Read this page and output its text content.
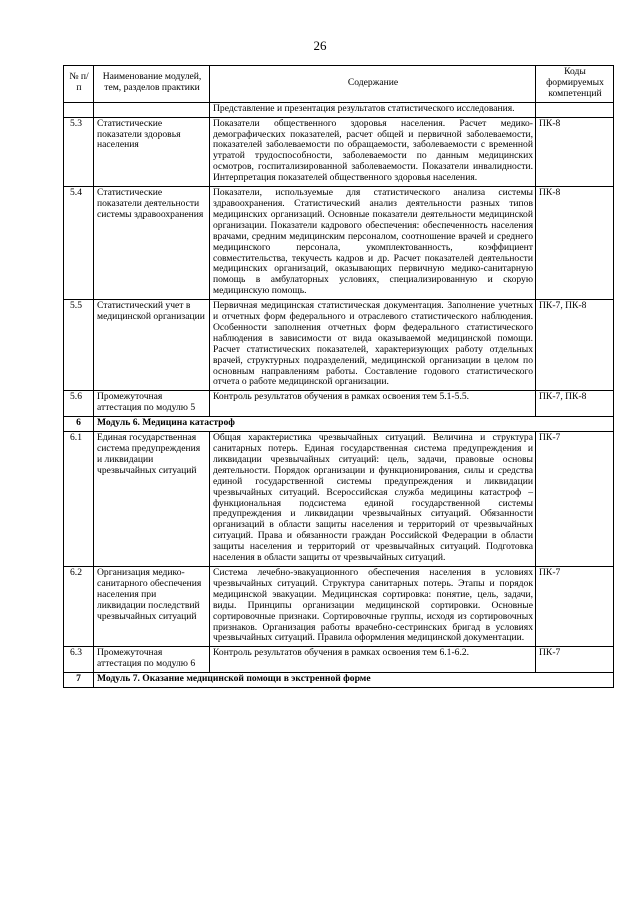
26
№ п/п	Наименование модулей, тем, разделов практики	Содержание	Коды формируемых компетенций
		Представление и презентация результатов статистического исследования.	
5.3	Статистические показатели здоровья населения	Показатели общественного здоровья населения. Расчет медико-демографических показателей, расчет общей и первичной заболеваемости, показателей заболеваемости по обращаемости, заболеваемости с временной утратой трудоспособности, заболеваемости по данным медицинских осмотров, госпитализированной заболеваемости. Показатели инвалидности. Интерпретация показателей общественного здоровья населения.	ПК-8
5.4	Статистические показатели деятельности системы здравоохранения	Показатели, используемые для статистического анализа системы здравоохранения. Статистический анализ деятельности разных типов медицинских организаций. Основные показатели деятельности медицинской организации. Показатели кадрового обеспечения: обеспеченность населения врачами, средним медицинским персоналом, соотношение врачей и среднего медицинского персонала, укомплектованность, коэффициент совместительства, текучесть кадров и др. Расчет показателей деятельности медицинских организаций, оказывающих первичную медико-санитарную помощь в амбулаторных условиях, специализированную и скорую медицинскую помощь.	ПК-8
5.5	Статистический учет в медицинской организации	Первичная медицинская статистическая документация. Заполнение учетных и отчетных форм федерального и отраслевого статистического наблюдения. Особенности заполнения отчетных форм федерального статистического наблюдения в зависимости от вида оказываемой медицинской помощи. Расчет статистических показателей, характеризующих работу отдельных врачей, структурных подразделений, медицинской организации в целом по основным направлениям работы. Составление годового статистического отчета о работе медицинской организации.	ПК-7, ПК-8
5.6	Промежуточная аттестация по модулю 5	Контроль результатов обучения в рамках освоения тем 5.1-5.5.	ПК-7, ПК-8
6	Модуль 6. Медицина катастроф		
6.1	Единая государственная система предупреждения и ликвидации чрезвычайных ситуаций	Общая характеристика чрезвычайных ситуаций. Величина и структура санитарных потерь. Единая государственная система предупреждения и ликвидации чрезвычайных ситуаций: цель, задачи, правовые основы деятельности. Порядок организации и функционирования, силы и средства единой государственной системы предупреждения и ликвидации чрезвычайных ситуаций. Всероссийская служба медицины катастроф – функциональная подсистема единой государственной системы предупреждения и ликвидации чрезвычайных ситуаций. Обязанности организаций в области защиты населения и территорий от чрезвычайных ситуаций. Права и обязанности граждан Российской Федерации в области защиты населения и территорий от чрезвычайных ситуаций. Подготовка населения в области защиты от чрезвычайных ситуаций.	ПК-7
6.2	Организация медико-санитарного обеспечения населения при ликвидации последствий чрезвычайных ситуаций	Система лечебно-эвакуационного обеспечения населения в условиях чрезвычайных ситуаций. Структура санитарных потерь. Этапы и порядок медицинской эвакуации. Медицинская сортировка: понятие, цель, задачи, виды. Принципы организации медицинской сортировки. Основные сортировочные признаки. Сортировочные группы, исходя из сортировочных признаков. Организация работы врачебно-сестринских бригад в условиях чрезвычайных ситуаций. Правила оформления медицинской документации.	ПК-7
6.3	Промежуточная аттестация по модулю 6	Контроль результатов обучения в рамках освоения тем 6.1-6.2.	ПК-7
7	Модуль 7. Оказание медицинской помощи в экстренной форме		
